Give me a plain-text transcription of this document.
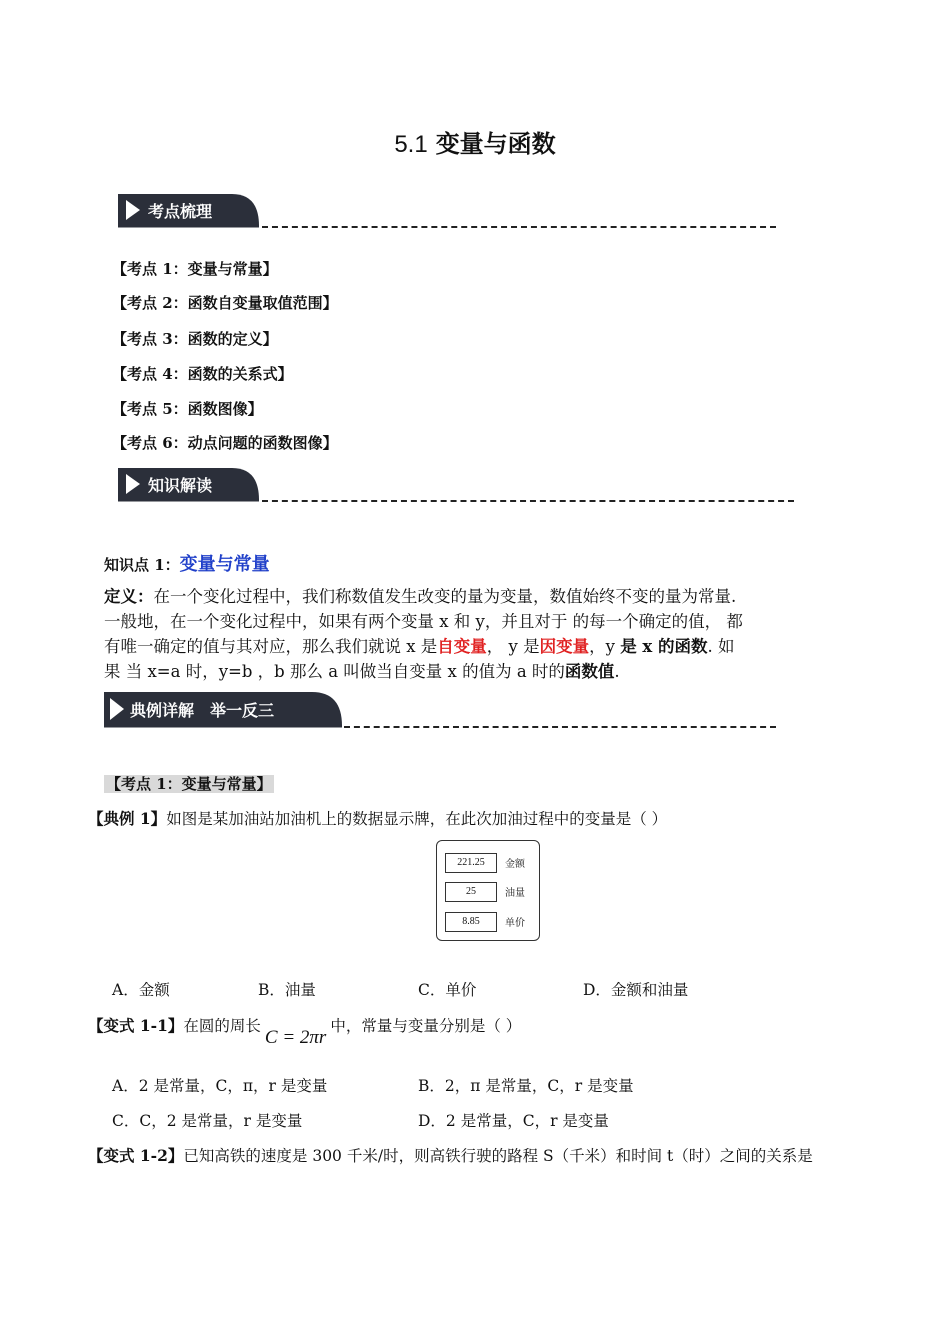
5.1 变量与函数
考点梳理
【考点 1：变量与常量】
【考点 2：函数自变量取值范围】
【考点 3：函数的定义】
【考点 4：函数的关系式】
【考点 5：函数图像】
【考点 6：动点问题的函数图像】
知识解读
知识点 1：变量与常量
定义：在一个变化过程中，我们称数值发生改变的量为变量，数值始终不变的量为常量.
一般地，在一个变化过程中，如果有两个变量 x 和 y，并且对于 的每一个确定的值， 都
有唯一确定的值与其对应，那么我们就说 x 是自变量， y 是因变量，y 是 x 的函数. 如
果 当 x=a 时，y=b ，b 那么 a 叫做当自变量 x 的值为 a 时的函数值.
典例详解　举一反三
【考点 1：变量与常量】
【典例 1】如图是某加油站加油机上的数据显示牌，在此次加油过程中的变量是（ ）
221.25	金额
25	油量
8.85	单价
A．金额	B．油量	C．单价	D．金额和油量
【变式 1-1】在圆的周长C = 2πr中，常量与变量分别是（ ）
A．2 是常量，C，π，r 是变量	B．2，π 是常量，C，r 是变量
C．C，2 是常量，r 是变量	D．2 是常量，C，r 是变量
【变式 1-2】已知高铁的速度是 300 千米/时，则高铁行驶的路程 S（千米）和时间 t（时）之间的关系是
